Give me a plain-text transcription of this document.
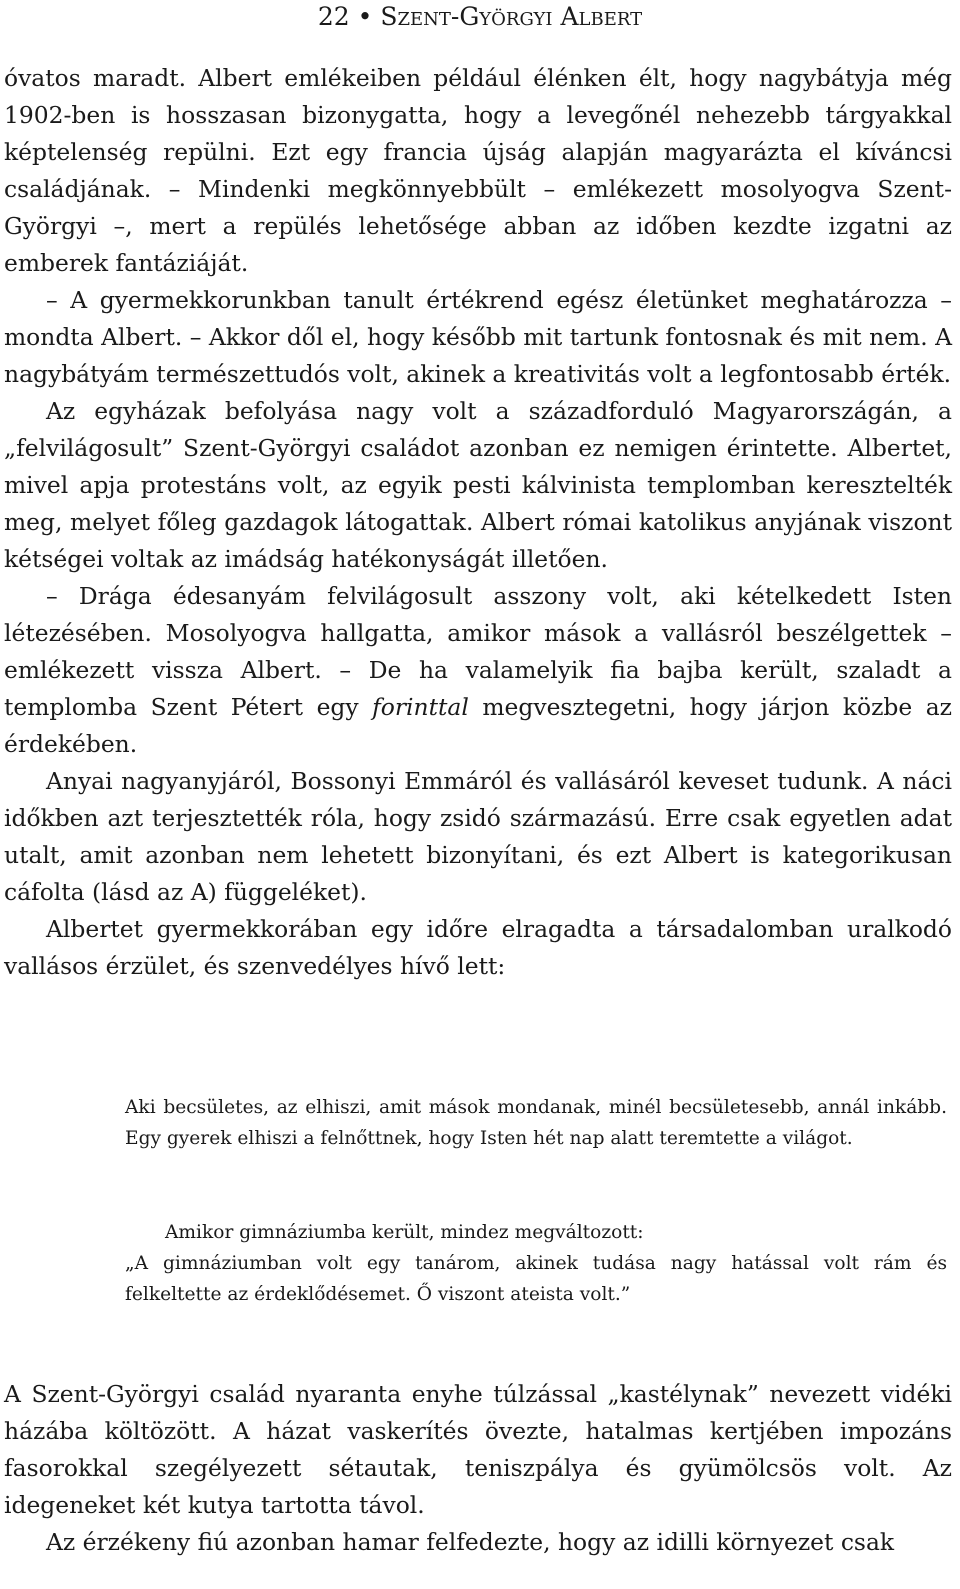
22 • Szent-Györgyi Albert

óvatos maradt. Albert emlékeiben például élénken élt, hogy nagybátyja még 1902-ben is hosszasan bizonygatta, hogy a levegőnél nehezebb tárgyakkal képtelenség repülni. Ezt egy francia újság alapján magyarázta el kíváncsi családjának. – Mindenki megkönnyebbült – emlékezett mosolyogva Szent-Györgyi –, mert a repülés lehetősége abban az időben kezdte izgatni az emberek fantáziáját.

– A gyermekkorunkban tanult értékrend egész életünket meghatározza – mondta Albert. – Akkor dől el, hogy később mit tartunk fontosnak és mit nem. A nagybátyám természettudós volt, akinek a kreativitás volt a legfontosabb érték.

Az egyházak befolyása nagy volt a századforduló Magyarországán, a „felvilágosult” Szent-Györgyi családot azonban ez nemigen érintette. Albertet, mivel apja protestáns volt, az egyik pesti kálvinista templomban keresztelték meg, melyet főleg gazdagok látogattak. Albert római katolikus anyjának viszont kétségei voltak az imádság hatékonyságát illetően.

– Drága édesanyám felvilágosult asszony volt, aki kételkedett Isten létezésében. Mosolyogva hallgatta, amikor mások a vallásról beszélgettek – emlékezett vissza Albert. – De ha valamelyik fia bajba került, szaladt a templomba Szent Pétert egy forinttal megvesztegetni, hogy járjon közbe az érdekében.

Anyai nagyanyjáról, Bossonyi Emmáról és vallásáról keveset tudunk. A náci időkben azt terjesztették róla, hogy zsidó származású. Erre csak egyetlen adat utalt, amit azonban nem lehetett bizonyítani, és ezt Albert is kategorikusan cáfolta (lásd az A) függeléket).

Albertet gyermekkorában egy időre elragadta a társadalomban uralkodó vallásos érzület, és szenvedélyes hívő lett:

Aki becsületes, az elhiszi, amit mások mondanak, minél becsületesebb, annál inkább. Egy gyerek elhiszi a felnőttnek, hogy Isten hét nap alatt teremtette a világot.

Amikor gimnáziumba került, mindez megváltozott:

„A gimnáziumban volt egy tanárom, akinek tudása nagy hatással volt rám és felkeltette az érdeklődésemet. Ő viszont ateista volt.”

A Szent-Györgyi család nyaranta enyhe túlzással „kastélynak” nevezett vidéki házába költözött. A házat vaskerítés övezte, hatalmas kertjében impozáns fasorokkal szegélyezett sétautak, teniszpálya és gyümölcsös volt. Az idegeneket két kutya tartotta távol.

Az érzékeny fiú azonban hamar felfedezte, hogy az idilli környezet csak
